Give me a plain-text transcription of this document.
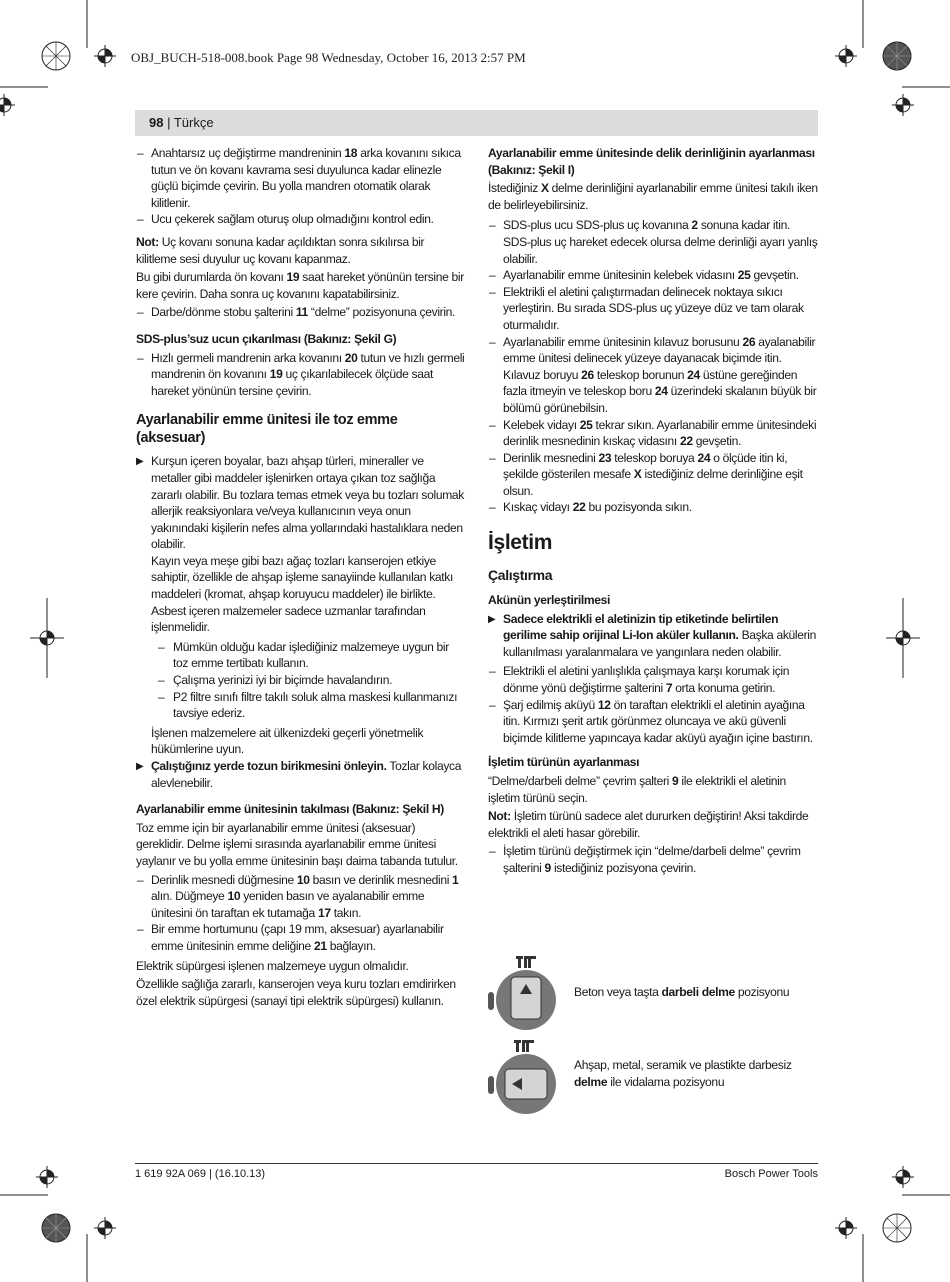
OBJ_BUCH-518-008.book Page 98 Wednesday, October 16, 2013 2:57 PM
98 | Türkçe
– Anahtarsız uç değiştirme mandreninin 18 arka kovanını sıkıca tutun ve ön kovanı kavrama sesi duyulunca kadar elinezle güçlü biçimde çevirin. Bu yolla mandren otomatik olarak kilitlenir.
– Ucu çekerek sağlam oturuş olup olmadığını kontrol edin.
Not: Uç kovanı sonuna kadar açıldıktan sonra sıkılırsa bir kilitleme sesi duyulur uç kovanı kapanmaz.
Bu gibi durumlarda ön kovanı 19 saat hareket yönünün tersine bir kere çevirin. Daha sonra uç kovanını kapatabilirsiniz.
– Darbe/dönme stobu şalterini 11 “delme” pozisyonuna çevirin.
SDS-plus’suz ucun çıkarılması (Bakınız: Şekil G)
– Hızlı germeli mandrenin arka kovanını 20 tutun ve hızlı germeli mandrenin ön kovanını 19 uç çıkarılabilecek ölçüde saat hareket yönünün tersine çevirin.
Ayarlanabilir emme ünitesi ile toz emme (aksesuar)
▶ Kurşun içeren boyalar, bazı ahşap türleri, mineraller ve metaller gibi maddeler işlenirken ortaya çıkan toz sağlığa zararlı olabilir. Bu tozlara temas etmek veya bu tozları solumak allerjik reaksiyonlara ve/veya kullanıcının veya onun yakınındaki kişilerin nefes alma yollarındaki hastalıklara neden olabilir.
Kayın veya meşe gibi bazı ağaç tozları kanserojen etkiye sahiptir, özellikle de ahşap işleme sanayiinde kullanılan katkı maddeleri (kromat, ahşap koruyucu maddeler) ile birlikte. Asbest içeren malzemeler sadece uzmanlar tarafından işlenmelidir.
– Mümkün olduğu kadar işlediğiniz malzemeye uygun bir toz emme tertibatı kullanın.
– Çalışma yerinizi iyi bir biçimde havalandırın.
– P2 filtre sınıfı filtre takılı soluk alma maskesi kullanmanızı tavsiye ederiz.
İşlenen malzemelere ait ülkenizdeki geçerli yönetmelik hükümlerine uyun.
▶ Çalıştığınız yerde tozun birikmesini önleyin. Tozlar kolayca alevlenebilir.
Ayarlanabilir emme ünitesinin takılması (Bakınız: Şekil H)
Toz emme için bir ayarlanabilir emme ünitesi (aksesuar) gereklidir. Delme işlemi sırasında ayarlanabilir emme ünitesi yaylanır ve bu yolla emme ünitesinin başı daima tabanda tutulur.
– Derinlik mesnedi düğmesine 10 basın ve derinlik mesnedini 1 alın. Düğmeye 10 yeniden basın ve ayalanabilir emme ünitesini ön taraftan ek tutamağa 17 takın.
– Bir emme hortumunu (çapı 19 mm, aksesuar) ayarlanabilir emme ünitesinin emme deliğine 21 bağlayın.
Elektrik süpürgesi işlenen malzemeye uygun olmalıdır.
Özellikle sağlığa zararlı, kanserojen veya kuru tozları emdirirken özel elektrik süpürgesi (sanayi tipi elektrik süpürgesi) kullanın.
Ayarlanabilir emme ünitesinde delik derinliğinin ayarlanması (Bakınız: Şekil I)
İstediğiniz X delme derinliğini ayarlanabilir emme ünitesi takılı iken de belirleyebilirsiniz.
– SDS-plus ucu SDS-plus uç kovanına 2 sonuna kadar itin. SDS-plus uç hareket edecek olursa delme derinliği ayarı yanlış olabilir.
– Ayarlanabilir emme ünitesinin kelebek vidasını 25 gevşetin.
– Elektrikli el aletini çalıştırmadan delinecek noktaya sıkıcı yerleştirin. Bu sırada SDS-plus uç yüzeye düz ve tam olarak oturmalıdır.
– Ayarlanabilir emme ünitesinin kılavuz borusunu 26 ayalanabilir emme ünitesi delinecek yüzeye dayanacak biçimde itin. Kılavuz boruyu 26 teleskop borunun 24 üstüne gereğinden fazla itmeyin ve teleskop boru 24 üzerindeki skalanın büyük bir bölümü görünebilsin.
– Kelebek vidayı 25 tekrar sıkın. Ayarlanabilir emme ünitesindeki derinlik mesnedinin kıskaç vidasını 22 gevşetin.
– Derinlik mesnedini 23 teleskop boruya 24 o ölçüde itin ki, şekilde gösterilen mesafe X istediğiniz delme derinliğine eşit olsun.
– Kıskaç vidayı 22 bu pozisyonda sıkın.
İşletim
Çalıştırma
Akünün yerleştirilmesi
▶ Sadece elektrikli el aletinizin tip etiketinde belirtilen gerilime sahip orijinal Li-Ion aküler kullanın. Başka akülerin kullanılması yaralanmalara ve yangınlara neden olabilir.
– Elektrikli el aletini yanlışlıkla çalışmaya karşı korumak için dönme yönü değiştirme şalterini 7 orta konuma getirin.
– Şarj edilmiş aküyü 12 ön taraftan elektrikli el aletinin ayağına itin. Kırmızı şerit artık görünmez oluncaya ve akü güvenli biçimde kilitleme yapıncaya kadar aküyü ayağın içine bastırın.
İşletim türünün ayarlanması
“Delme/darbeli delme” çevrim şalteri 9 ile elektrikli el aletinin işletim türünü seçin.
Not: İşletim türünü sadece alet dururken değiştirin! Aksi takdirde elektrikli el aleti hasar görebilir.
– İşletim türünü değiştirmek için “delme/darbeli delme” çevrim şalterini 9 istediğiniz pozisyona çevirin.
Beton veya taşta darbeli delme pozisyonu
Ahşap, metal, seramik ve plastikte darbesiz delme ile vidalama pozisyonu
1 619 92A 069 | (16.10.13)	Bosch Power Tools
